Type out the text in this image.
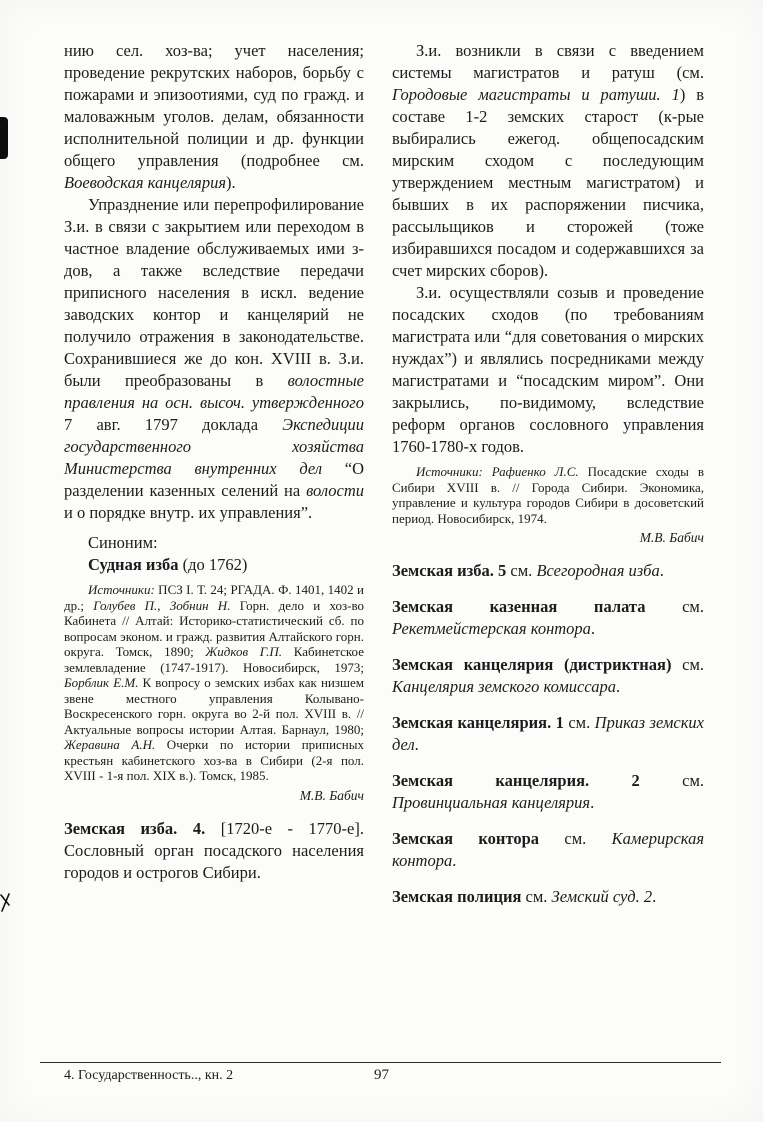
нию сел. хоз-ва; учет населения; проведение рекрутских наборов, борьбу с пожарами и эпизоотиями, суд по гражд. и маловажным уголов. делам, обязанности исполнительной полиции и др. функции общего управления (подробнее см. Воеводская канцелярия).

Упразднение или перепрофилирование З.и. в связи с закрытием или переходом в частное владение обслуживаемых ими з-дов, а также вследствие передачи приписного населения в искл. ведение заводских контор и канцелярий не получило отражения в законодательстве. Сохранившиеся же до кон. XVIII в. З.и. были преобразованы в волостные правления на осн. высоч. утвержденного 7 авг. 1797 доклада Экспедиции государственного хозяйства Министерства внутренних дел “О разделении казенных селений на волости и о порядке внутр. их управления”.

Синоним:

Судная изба (до 1762)

Источники: ПСЗ I. Т. 24; РГАДА. Ф. 1401, 1402 и др.; Голубев П., Зобнин Н. Горн. дело и хоз-во Кабинета // Алтай: Историко-статистический сб. по вопросам эконом. и гражд. развития Алтайского горн. округа. Томск, 1890; Жидков Г.П. Кабинетское землевладение (1747-1917). Новосибирск, 1973; Борблик Е.М. К вопросу о земских избах как низшем звене местного управления Колывано-Воскресенского горн. округа во 2-й пол. XVIII в. // Актуальные вопросы истории Алтая. Барнаул, 1980; Жеравина А.Н. Очерки по истории приписных крестьян кабинетского хоз-ва в Сибири (2-я пол. XVIII - 1-я пол. XIX в.). Томск, 1985.

М.В. Бабич

Земская изба. 4. [1720-е - 1770-е]. Сословный орган посадского населения городов и острогов Сибири.

З.и. возникли в связи с введением системы магистратов и ратуш (см. Городовые магистраты и ратуши. 1) в составе 1-2 земских старост (к-рые выбирались ежегод. общепосадским мирским сходом с последующим утверждением местным магистратом) и бывших в их распоряжении писчика, рассыльщиков и сторожей (тоже избиравшихся посадом и содержавшихся за счет мирских сборов).

З.и. осуществляли созыв и проведение посадских сходов (по требованиям магистрата или “для советования о мирских нуждах”) и являлись посредниками между магистратами и “посадским миром”. Они закрылись, по-видимому, вследствие реформ органов сословного управления 1760-1780-х годов.

Источники: Рафиенко Л.С. Посадские сходы в Сибири XVIII в. // Города Сибири. Экономика, управление и культура городов Сибири в досоветский период. Новосибирск, 1974.

М.В. Бабич

Земская изба. 5 см. Всегородная изба.

Земская казенная палата см. Рекетмейстерская контора.

Земская канцелярия (дистриктная) см. Канцелярия земского комиссара.

Земская канцелярия. 1 см. Приказ земских дел.

Земская канцелярия. 2 см. Провинциальная канцелярия.

Земская контора см. Камерирская контора.

Земская полиция см. Земский суд. 2.

4. Государственность.., кн. 2	97
